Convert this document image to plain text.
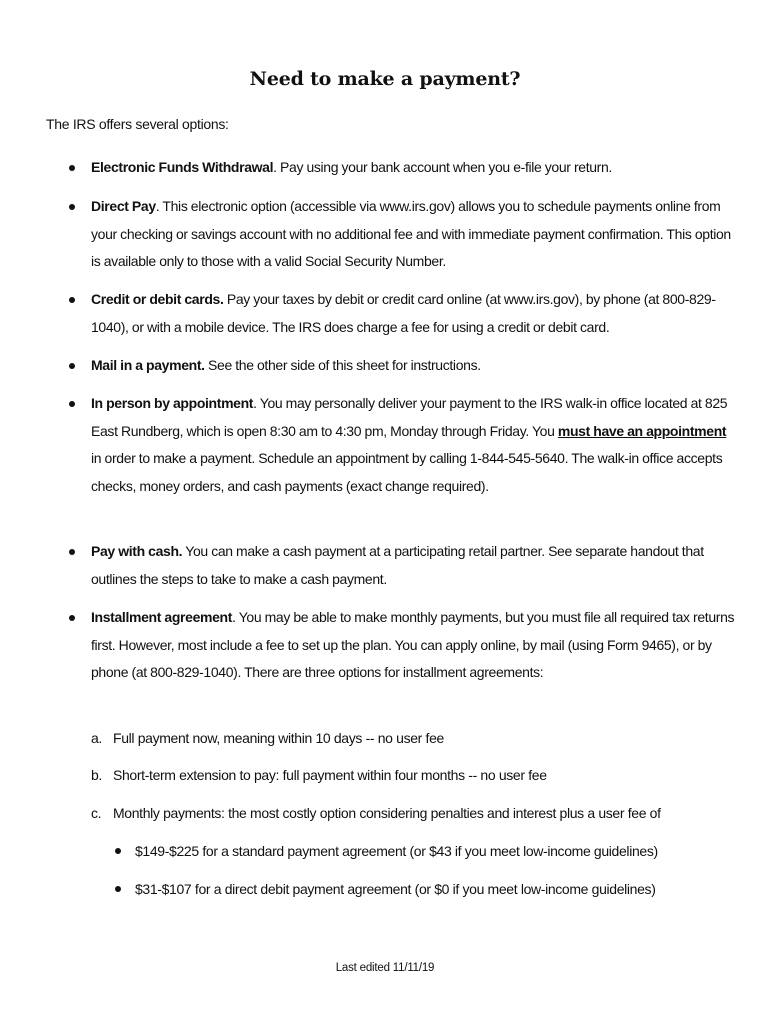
Need to make a payment?
The IRS offers several options:
Electronic Funds Withdrawal. Pay using your bank account when you e-file your return.
Direct Pay. This electronic option (accessible via www.irs.gov) allows you to schedule payments online from your checking or savings account with no additional fee and with immediate payment confirmation. This option is available only to those with a valid Social Security Number.
Credit or debit cards. Pay your taxes by debit or credit card online (at www.irs.gov), by phone (at 800-829-1040), or with a mobile device. The IRS does charge a fee for using a credit or debit card.
Mail in a payment. See the other side of this sheet for instructions.
In person by appointment. You may personally deliver your payment to the IRS walk-in office located at 825 East Rundberg, which is open 8:30 am to 4:30 pm, Monday through Friday. You must have an appointment in order to make a payment. Schedule an appointment by calling 1-844-545-5640. The walk-in office accepts checks, money orders, and cash payments (exact change required).
Pay with cash. You can make a cash payment at a participating retail partner. See separate handout that outlines the steps to take to make a cash payment.
Installment agreement. You may be able to make monthly payments, but you must file all required tax returns first. However, most include a fee to set up the plan. You can apply online, by mail (using Form 9465), or by phone (at 800-829-1040). There are three options for installment agreements:
a. Full payment now, meaning within 10 days -- no user fee
b. Short-term extension to pay: full payment within four months -- no user fee
c. Monthly payments: the most costly option considering penalties and interest plus a user fee of
$149-$225 for a standard payment agreement (or $43 if you meet low-income guidelines)
$31-$107 for a direct debit payment agreement (or $0 if you meet low-income guidelines)
Last edited 11/11/19
